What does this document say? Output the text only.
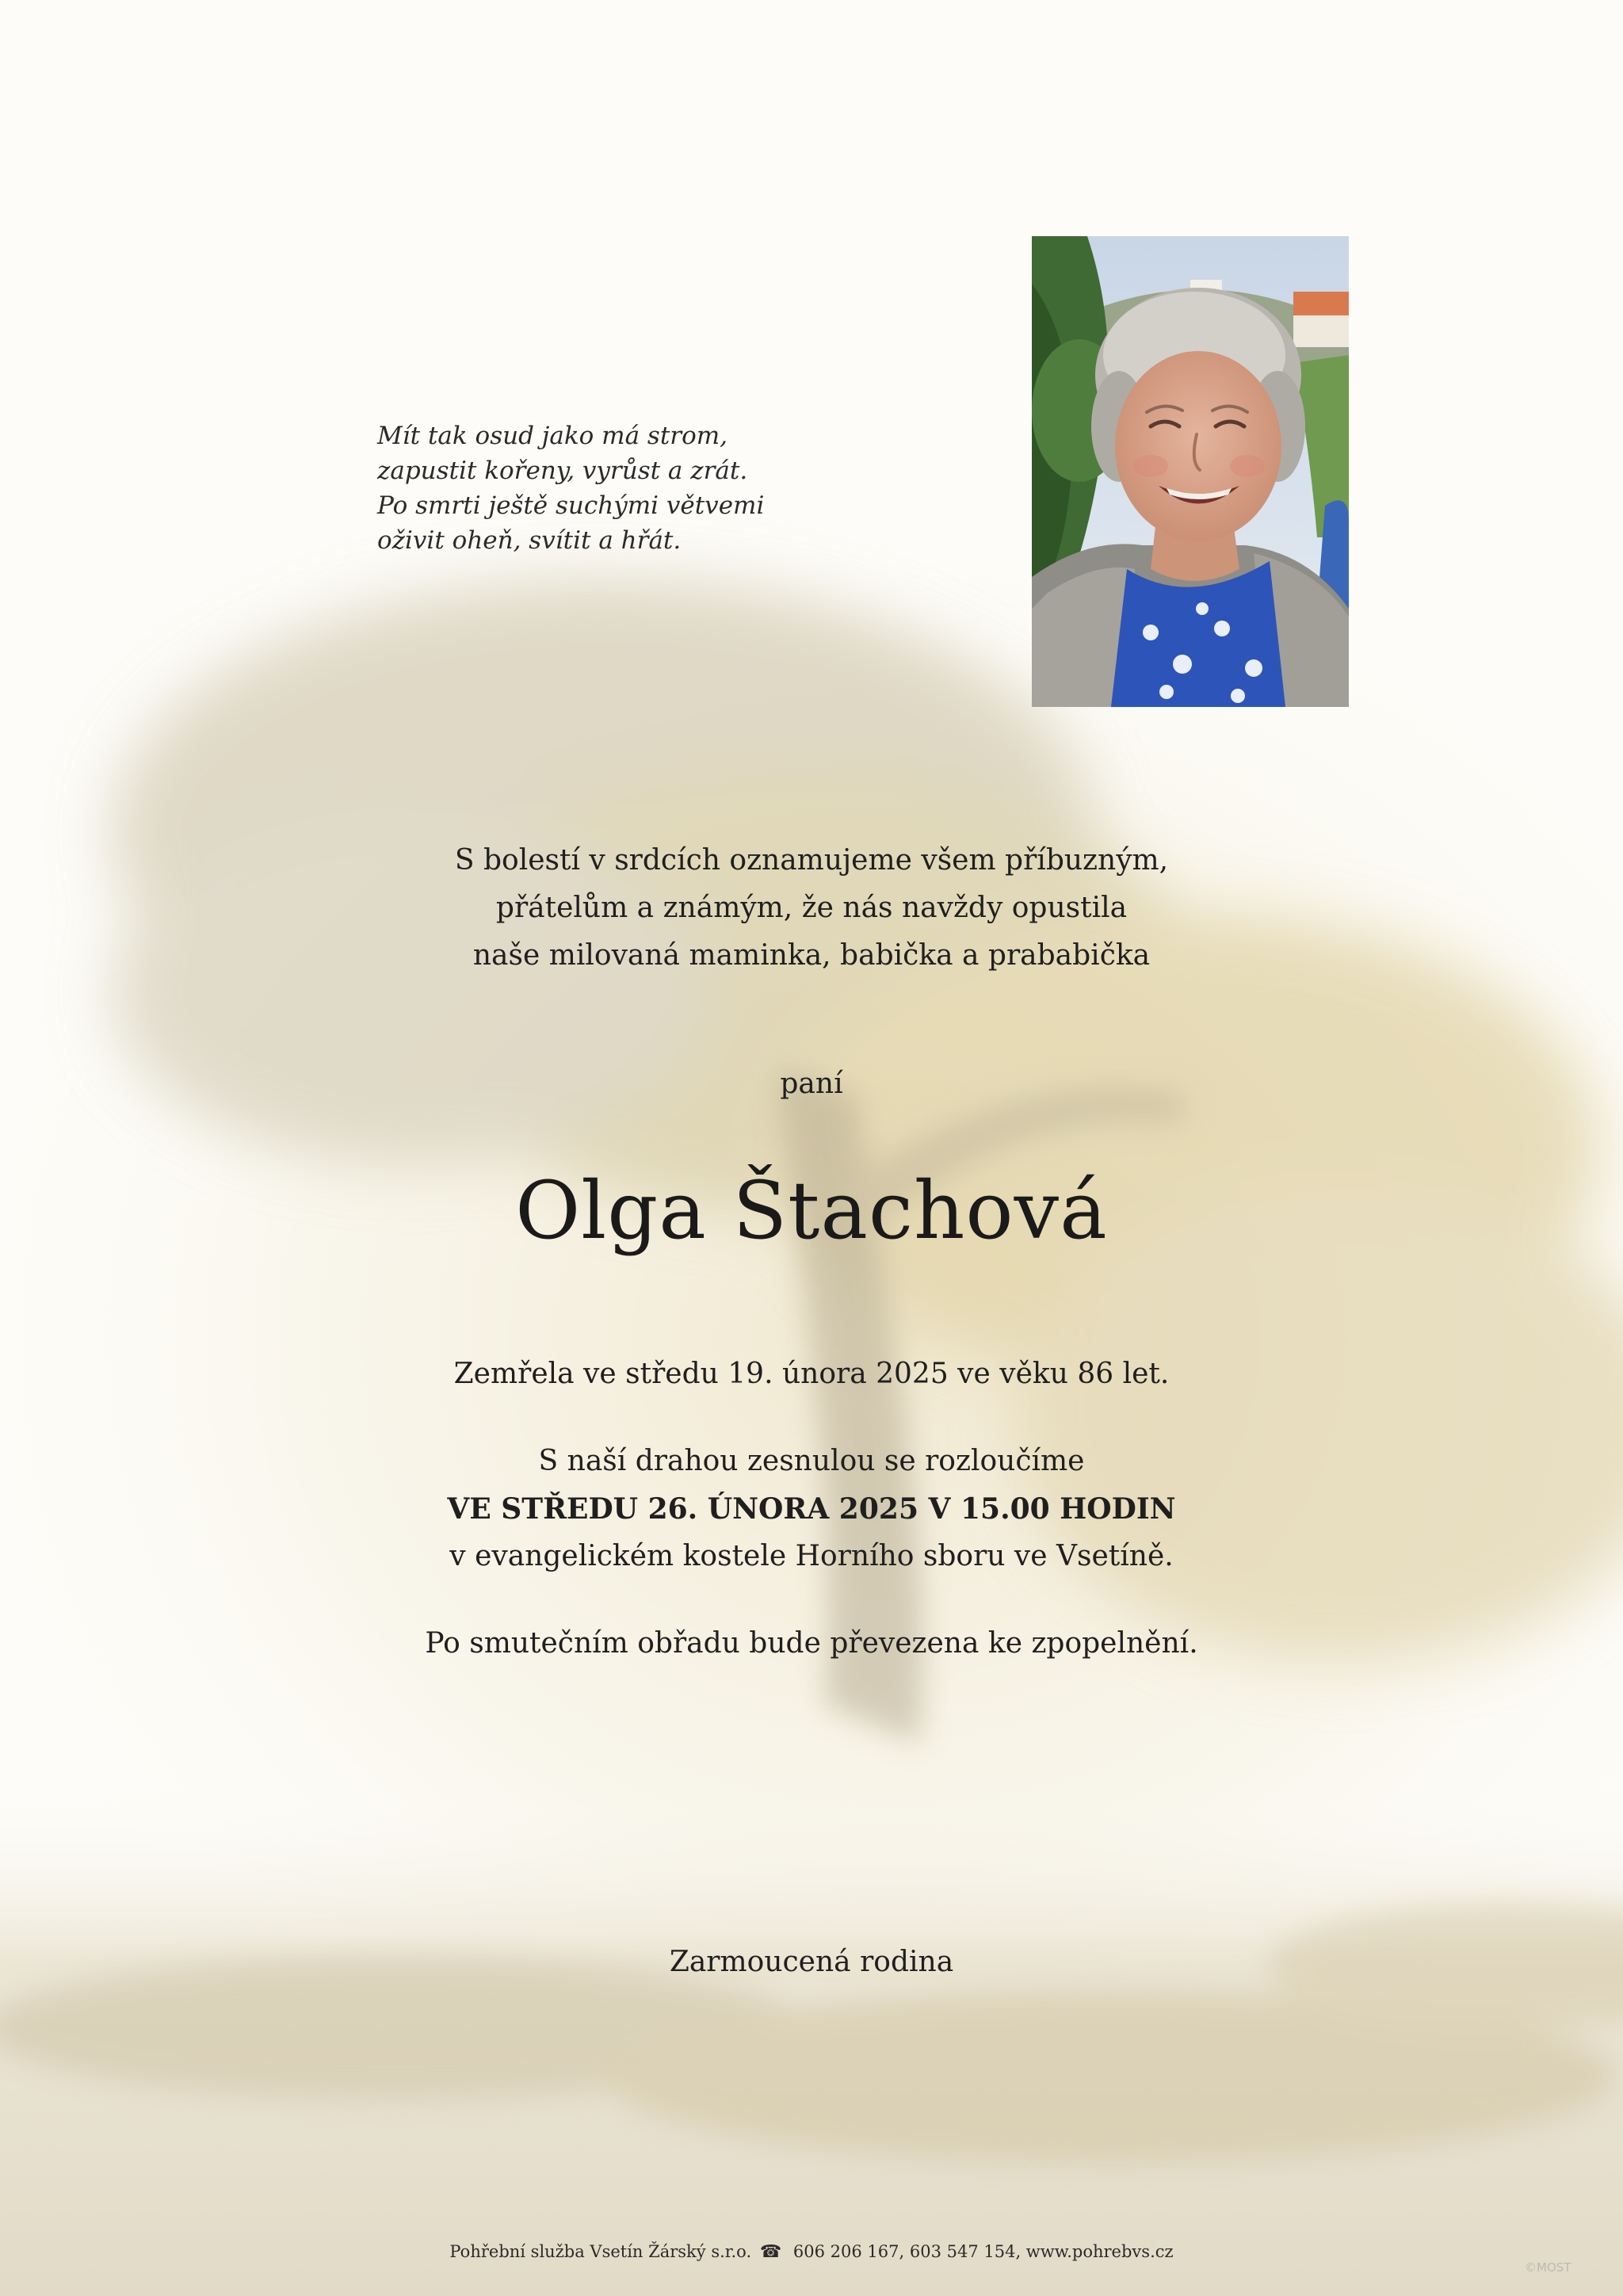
Mít tak osud jako má strom,
zapustit kořeny, vyrůst a zrát.
Po smrti ještě suchými větvemi
oživit oheň, svítit a hřát.
S bolestí v srdcích oznamujeme všem příbuzným,
přátelům a známým, že nás navždy opustila
naše milovaná maminka, babička a prababička
paní
Olga Štachová
Zemřela ve středu 19. února 2025 ve věku 86 let.
S naší drahou zesnulou se rozloučíme
VE STŘEDU 26. ÚNORA 2025 V 15.00 HODIN
v evangelickém kostele Horního sboru ve Vsetíně.
Po smutečním obřadu bude převezena ke zpopelnění.
Zarmoucená rodina
Pohřební služba Vsetín Žárský s.r.o. ☎ 606 206 167, 603 547 154, www.pohrebvs.cz
©MOST
